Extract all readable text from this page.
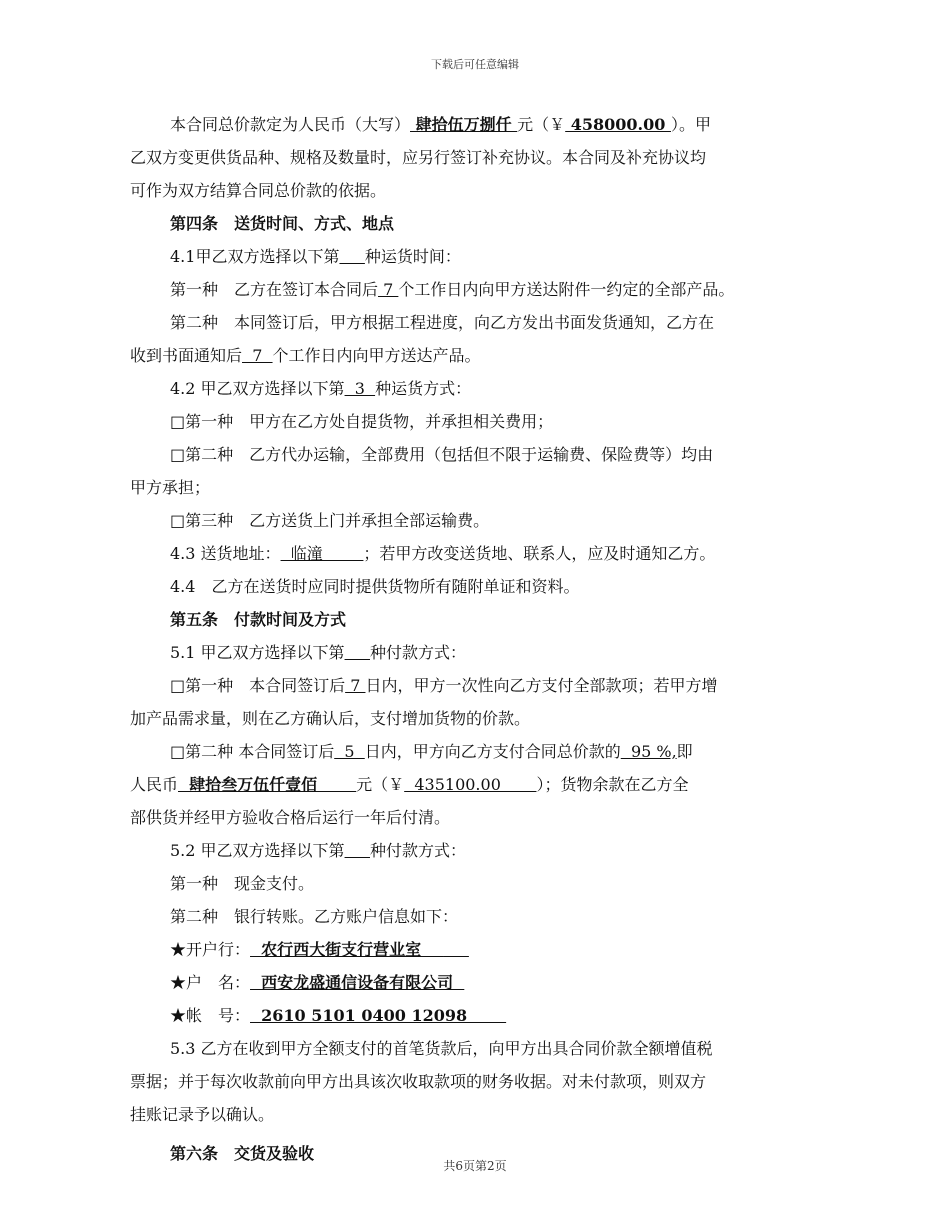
下载后可任意编辑

本合同总价款定为人民币（大写） 肆拾伍万捌仟 元（￥ 458000.00 ）。甲

乙双方变更供货品种、规格及数量时，应另行签订补充协议。本合同及补充协议均

可作为双方结算合同总价款的依据。

第四条　送货时间、方式、地点

4.1甲乙双方选择以下第 种运货时间：

第一种　乙方在签订本合同后 7 个工作日内向甲方送达附件一约定的全部产品。

第二种　本同签订后，甲方根据工程进度，向乙方发出书面发货通知，乙方在

收到书面通知后  7  个工作日内向甲方送达产品。

4.2 甲乙双方选择以下第  3  种运货方式：

□第一种　甲方在乙方处自提货物，并承担相关费用；

□第二种　乙方代办运输，全部费用（包括但不限于运输费、保险费等）均由

甲方承担；

□第三种　乙方送货上门并承担全部运输费。

4.3 送货地址：  临潼        ；若甲方改变送货地、联系人，应及时通知乙方。

4.4　乙方在送货时应同时提供货物所有随附单证和资料。

第五条　付款时间及方式

5.1 甲乙双方选择以下第 种付款方式：

□第一种　本合同签订后 7 日内，甲方一次性向乙方支付全部款项；若甲方增

加产品需求量，则在乙方确认后，支付增加货物的价款。

□第二种 本合同签订后  5  日内，甲方向乙方支付合同总价款的  95 %,即

人民币  肆拾叁万伍仟壹佰       元（￥  435100.00       ）；货物余款在乙方全

部供货并经甲方验收合格后运行一年后付清。

5.2 甲乙双方选择以下第 种付款方式：

第一种　现金支付。

第二种　银行转账。乙方账户信息如下：

★开户行：  农行西大街支行营业室

★户　名：  西安龙盛通信设备有限公司

★帐　号：  2610 5101 0400 12098

5.3 乙方在收到甲方全额支付的首笔货款后，向甲方出具合同价款全额增值税

票据；并于每次收款前向甲方出具该次收取款项的财务收据。对未付款项，则双方

挂账记录予以确认。

第六条　交货及验收

共6页第2页
